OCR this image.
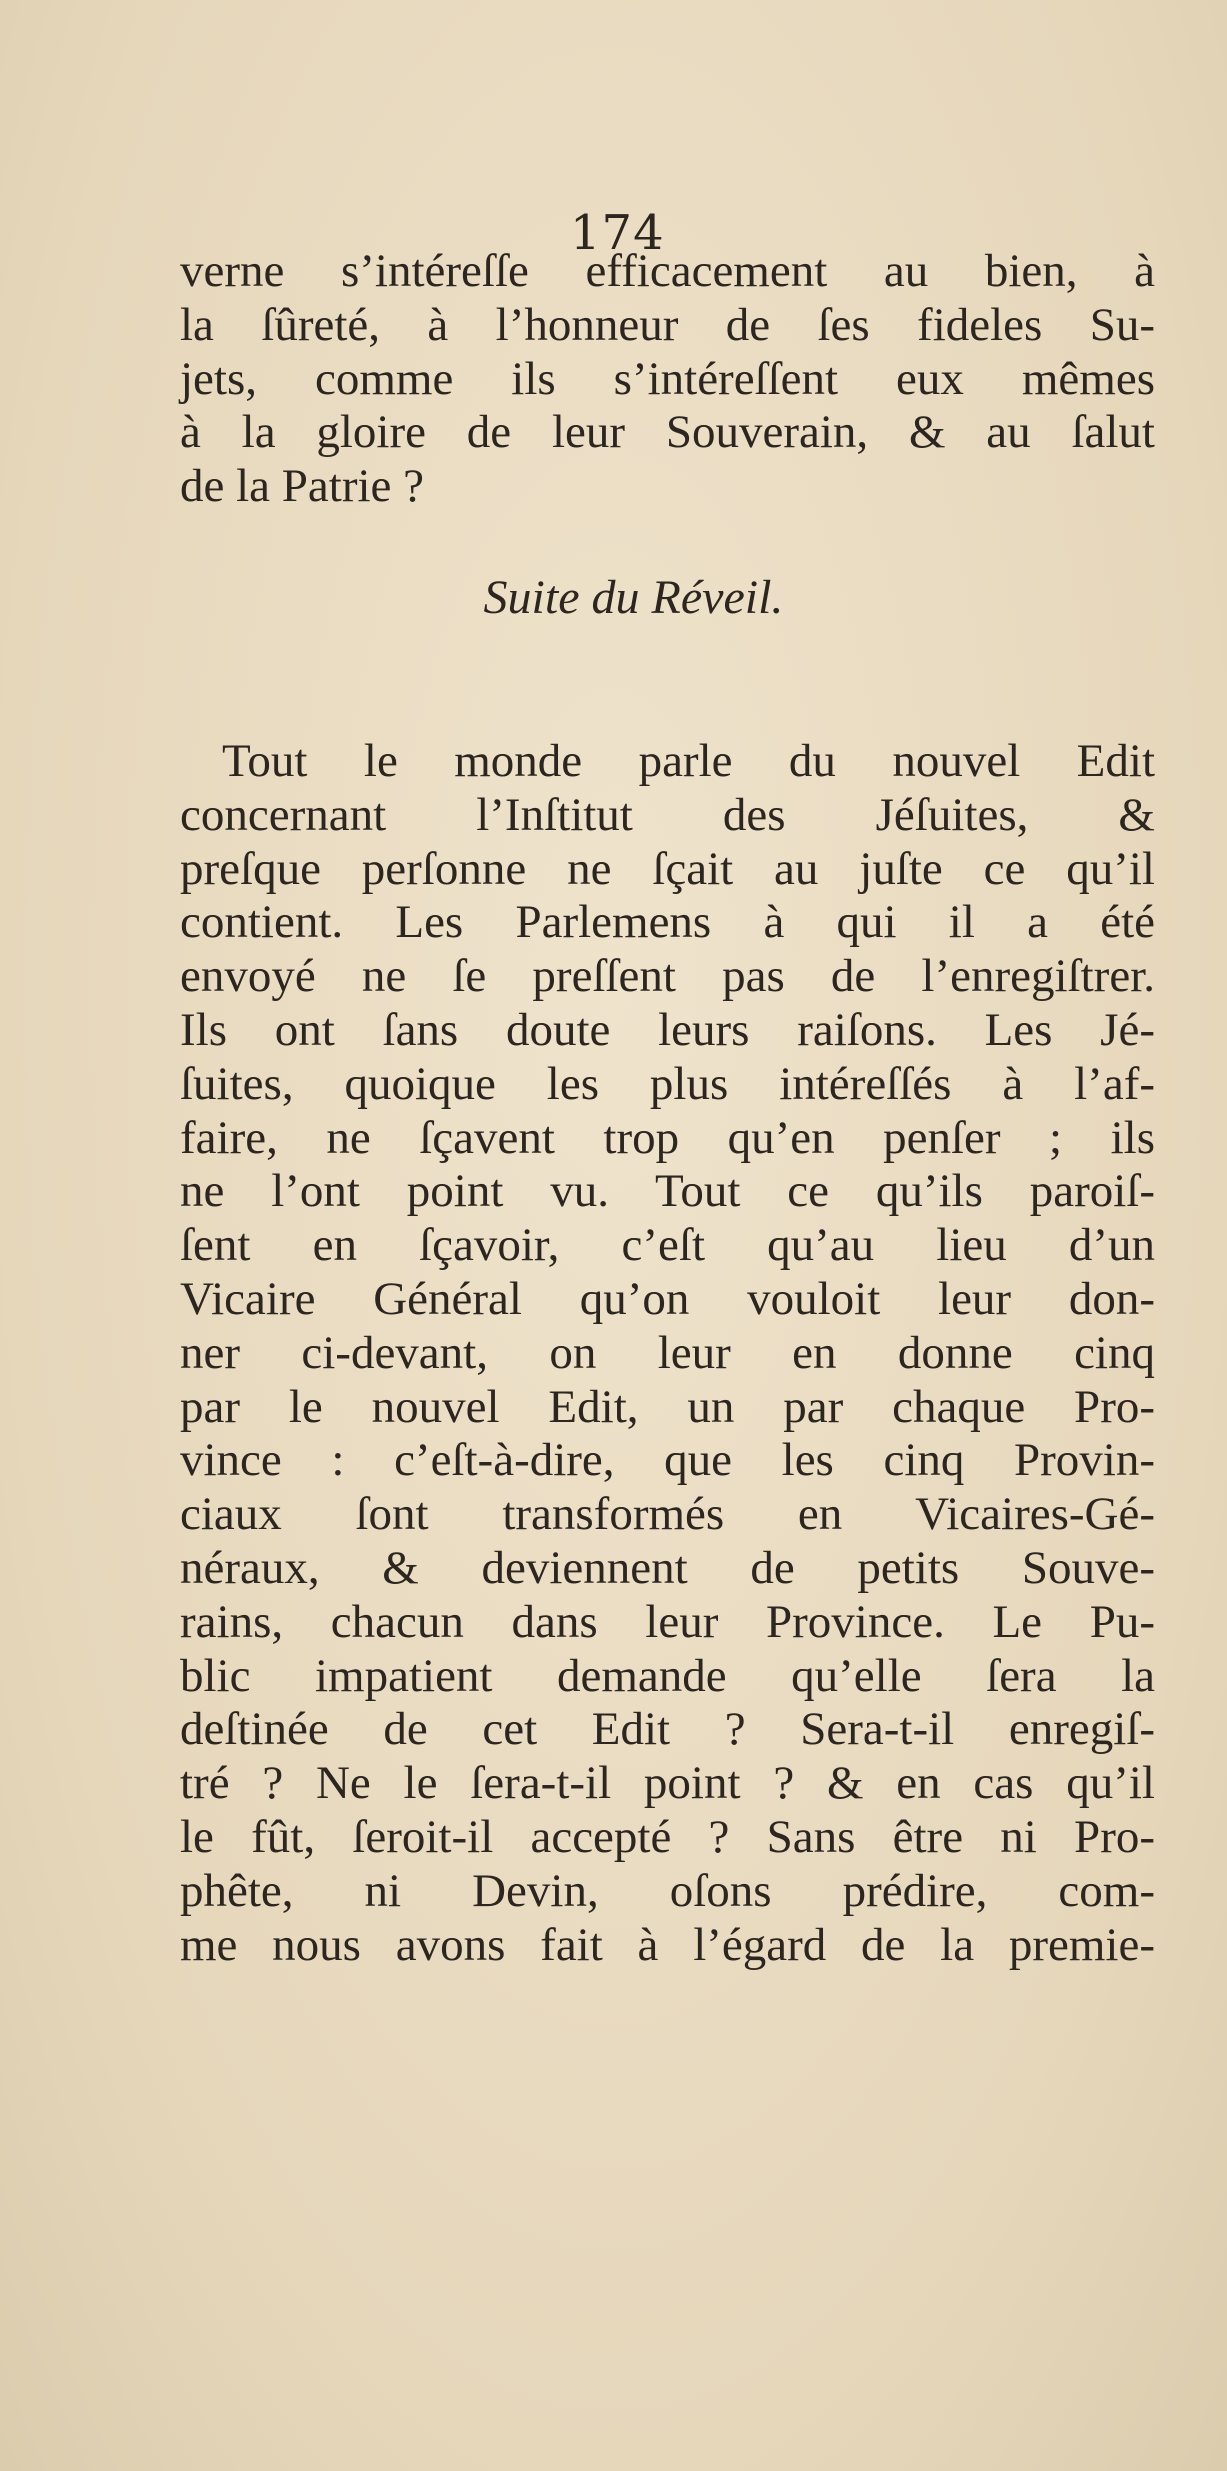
174
verne s’intéreſſe efficacement au bien, à
la ſûreté, à l’honneur de ſes fideles Su-
jets, comme ils s’intéreſſent eux mêmes
à la gloire de leur Souverain, & au ſalut
de la Patrie ?
Suite du Réveil.
Tout le monde parle du nouvel Edit
concernant l’Inſtitut des Jéſuites, &
preſque perſonne ne ſçait au juſte ce qu’il
contient. Les Parlemens à qui il a été
envoyé ne ſe preſſent pas de l’enregiſtrer.
Ils ont ſans doute leurs raiſons. Les Jé-
ſuites, quoique les plus intéreſſés à l’af-
faire, ne ſçavent trop qu’en penſer ; ils
ne l’ont point vu. Tout ce qu’ils paroiſ-
ſent en ſçavoir, c’eſt qu’au lieu d’un
Vicaire Général qu’on vouloit leur don-
ner ci-devant, on leur en donne cinq
par le nouvel Edit, un par chaque Pro-
vince : c’eſt-à-dire, que les cinq Provin-
ciaux ſont transformés en Vicaires-Gé-
néraux, & deviennent de petits Souve-
rains, chacun dans leur Province. Le Pu-
blic impatient demande qu’elle ſera la
deſtinée de cet Edit ? Sera-t-il enregiſ-
tré ? Ne le ſera-t-il point ? & en cas qu’il
le fût, ſeroit-il accepté ? Sans être ni Pro-
phête, ni Devin, oſons prédire, com-
me nous avons fait à l’égard de la premie-
